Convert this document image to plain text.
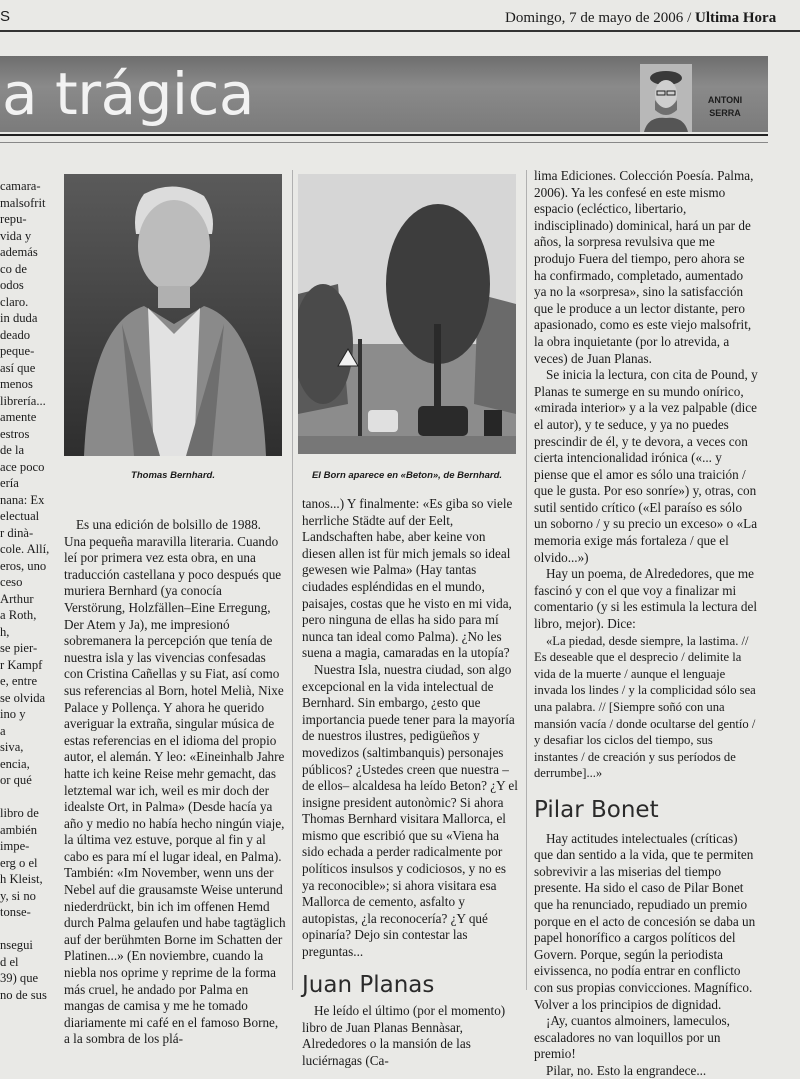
S	Domingo, 7 de mayo de 2006 / Ultima Hora
a trágica	ANTONI
SERRA
camara-
malsofrit
repu-
vida y
además
co de
odos
claro.
in duda
deado
peque-
así que
menos
librería...
amente
estros
de la
ace poco
ería
nana: Ex
electual
r dinà-
cole. Allí,
eros, uno
ceso
Arthur
a Roth,
h,
se pier-
r Kampf
e, entre
se olvida
ino y
a
siva,
encia,
or qué
libro de
ambién
impe-
erg o el
h Kleist,
y, si no
tonse-
nsegui
d el
39) que
no de sus
Thomas Bernhard.	El Born aparece en «Beton», de Bernhard.

Es una edición de bolsillo de 1988. Una pequeña maravilla literaria. Cuando leí por primera vez esta obra, en una traducción castellana y poco después que muriera Bernhard (ya conocía Verstörung, Holzfällen–Eine Erregung, Der Atem y Ja), me impresionó sobremanera la percepción que tenía de nuestra isla y las vivencias confesadas con Cristina Cañellas y su Fiat, así como sus referencias al Born, hotel Melià, Nixe Palace y Pollença. Y ahora he querido averiguar la extraña, singular música de estas referencias en el idioma del propio autor, el alemán. Y leo: «Eineinhalb Jahre hatte ich keine Reise mehr gemacht, das letztemal war ich, weil es mir doch der idealste Ort, in Palma» (Desde hacía ya año y medio no había hecho ningún viaje, la última vez estuve, porque al fin y al cabo es para mí el lugar ideal, en Palma). También: «Im November, wenn uns der Nebel auf die grausamste Weise unterund niederdrückt, bin ich im offenen Hemd durch Palma gelaufen und habe tagtäglich auf der berühmten Borne im Schatten der Platinen...» (En noviembre, cuando la niebla nos oprime y reprime de la forma más cruel, he andado por Palma en mangas de camisa y me he tomado diariamente mi café en el famoso Borne, a la sombra de los plá-

tanos...) Y finalmente: «Es giba so viele herrliche Städte auf der Eelt, Landschaften habe, aber keine von diesen allen ist für mich jemals so ideal gewesen wie Palma» (Hay tantas ciudades espléndidas en el mundo, paisajes, costas que he visto en mi vida, pero ninguna de ellas ha sido para mí nunca tan ideal como Palma). ¿No les suena a magia, camaradas en la utopía?

Nuestra Isla, nuestra ciudad, son algo excepcional en la vida intelectual de Bernhard. Sin embargo, ¿esto que importancia puede tener para la mayoría de nuestros ilustres, pedigüeños y movedizos (saltimbanquis) personajes públicos? ¿Ustedes creen que nuestra –de ellos– alcaldesa ha leído Beton? ¿Y el insigne president autonòmic? Si ahora Thomas Bernhard visitara Mallorca, el mismo que escribió que su «Viena ha sido echada a perder radicalmente por políticos insulsos y codiciosos, y no es ya reconocible»; si ahora visitara esa Mallorca de cemento, asfalto y autopistas, ¿la reconocería? ¿Y qué opinaría? Dejo sin contestar las preguntas...

Juan Planas

He leído el último (por el momento) libro de Juan Planas Bennàsar, Alrededores o la mansión de las luciérnagas (Ca-

lima Ediciones. Colección Poesía. Palma, 2006). Ya les confesé en este mismo espacio (ecléctico, libertario, indisciplinado) dominical, hará un par de años, la sorpresa revulsiva que me produjo Fuera del tiempo, pero ahora se ha confirmado, completado, aumentado ya no la «sorpresa», sino la satisfacción que le produce a un lector distante, pero apasionado, como es este viejo malsofrit, la obra inquietante (por lo atrevida, a veces) de Juan Planas.

Se inicia la lectura, con cita de Pound, y Planas te sumerge en su mundo onírico, «mirada interior» y a la vez palpable (dice el autor), y te seduce, y ya no puedes prescindir de él, y te devora, a veces con cierta intencionalidad irónica («... y piense que el amor es sólo una traición / que le gusta. Por eso sonríe») y, otras, con sutil sentido crítico («El paraíso es sólo un soborno / y su precio un exceso» o «La memoria exige más fortaleza / que el olvido...»)

Hay un poema, de Alrededores, que me fascinó y con el que voy a finalizar mi comentario (y si les estimula la lectura del libro, mejor). Dice:

«La piedad, desde siempre, la lastima. // Es deseable que el desprecio / delimite la vida de la muerte / aunque el lenguaje invada los lindes / y la complicidad sólo sea una palabra. // [Siempre soñó con una mansión vacía / donde ocultarse del gentío / y desafiar los ciclos del tiempo, sus instantes / de creación y sus períodos de derrumbe]...»

Pilar Bonet

Hay actitudes intelectuales (críticas) que dan sentido a la vida, que te permiten sobrevivir a las miserias del tiempo presente. Ha sido el caso de Pilar Bonet que ha renunciado, repudiado un premio porque en el acto de concesión se daba un papel honorífico a cargos políticos del Govern. Porque, según la periodista eivissenca, no podía entrar en conflicto con sus propias convicciones. Magnífico. Volver a los principios de dignidad.

¡Ay, cuantos almoiners, lameculos, escaladores no van loquillos por un premio!

Pilar, no. Esto la engrandece...
